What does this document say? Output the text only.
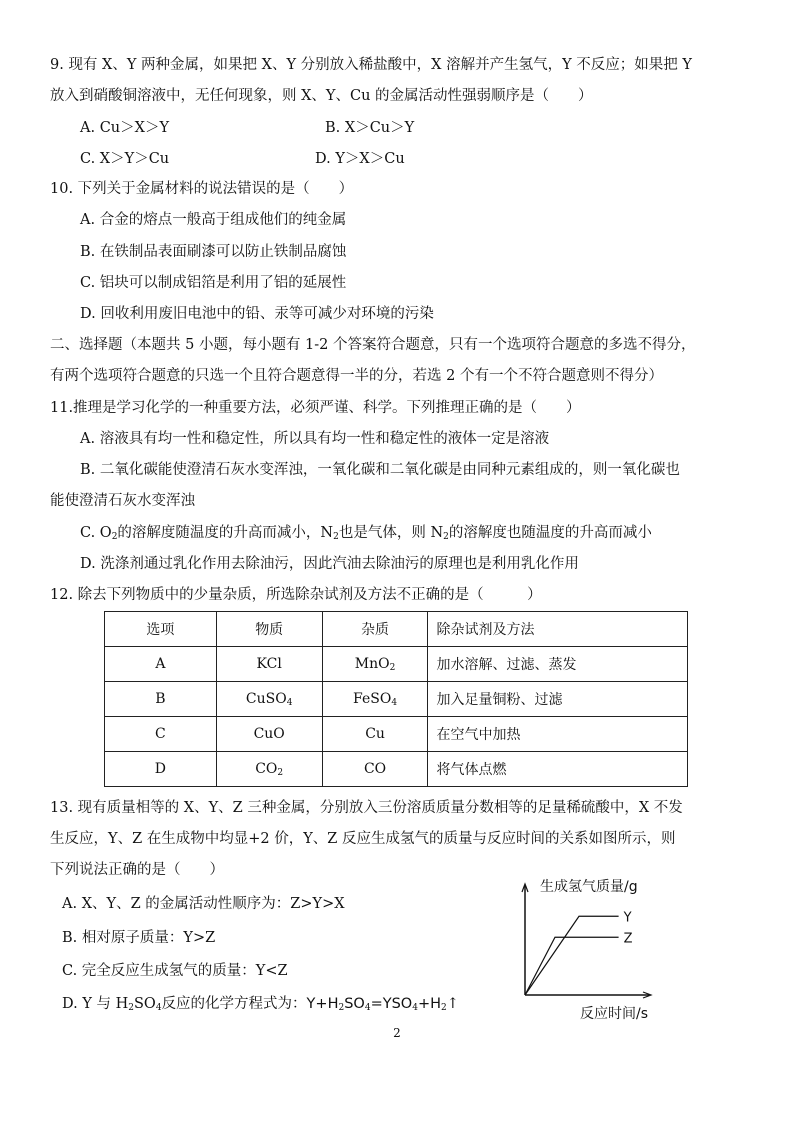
9. 现有 X、Y 两种金属，如果把 X、Y 分别放入稀盐酸中，X 溶解并产生氢气，Y 不反应；如果把 Y
放入到硝酸铜溶液中，无任何现象，则 X、Y、Cu 的金属活动性强弱顺序是（　　）
A. Cu＞X＞Y	B. X＞Cu＞Y
C. X＞Y＞Cu	D. Y＞X＞Cu
10. 下列关于金属材料的说法错误的是（　　）
A. 合金的熔点一般高于组成他们的纯金属
B. 在铁制品表面刷漆可以防止铁制品腐蚀
C. 铝块可以制成铝箔是利用了铝的延展性
D. 回收利用废旧电池中的铅、汞等可减少对环境的污染
二、选择题（本题共 5 小题，每小题有 1-2 个答案符合题意，只有一个选项符合题意的多选不得分，
有两个选项符合题意的只选一个且符合题意得一半的分，若选 2 个有一个不符合题意则不得分）
11.推理是学习化学的一种重要方法，必须严谨、科学。下列推理正确的是（　　）
A. 溶液具有均一性和稳定性，所以具有均一性和稳定性的液体一定是溶液
B. 二氧化碳能使澄清石灰水变浑浊，一氧化碳和二氧化碳是由同种元素组成的，则一氧化碳也
能使澄清石灰水变浑浊
C. $O_2$的溶解度随温度的升高而减小，$N_2$也是气体，则 $N_2$的溶解度也随温度的升高而减小
D. 洗涤剂通过乳化作用去除油污，因此汽油去除油污的原理也是利用乳化作用
12. 除去下列物质中的少量杂质，所选除杂试剂及方法不正确的是（　　　）
选项	物质	杂质	除杂试剂及方法
A	KCl	MnO$_2$	加水溶解、过滤、蒸发
B	CuSO$_4$	FeSO$_4$	加入足量铜粉、过滤
C	CuO	Cu	在空气中加热
D	$CO_2$	CO	将气体点燃
13. 现有质量相等的 X、Y、Z 三种金属，分别放入三份溶质质量分数相等的足量稀硫酸中，X 不发
生反应，Y、Z 在生成物中均显+2 价，Y、Z 反应生成氢气的质量与反应时间的关系如图所示，则
下列说法正确的是（　　）
A. X、Y、Z 的金属活动性顺序为：Z>Y>X
B. 相对原子质量：Y>Z
C. 完全反应生成氢气的质量：Y<Z
D. Y 与 $H_2SO_4$反应的化学方程式为：$Y+H_2SO_4=YSO_4+H_2↑$
生成氢气质量/g
Y
Z
反应时间/s
2
